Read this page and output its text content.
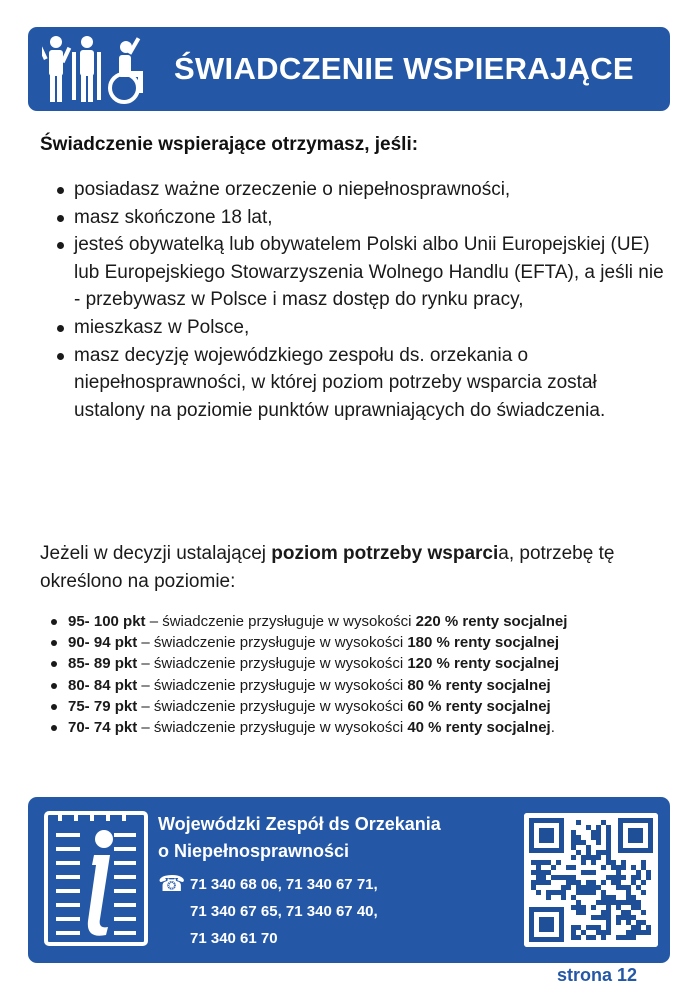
ŚWIADCZENIE WSPIERAJĄCE
Świadczenie wspierające otrzymasz, jeśli:
posiadasz ważne orzeczenie o niepełnosprawności,
masz skończone 18 lat,
jesteś obywatelką lub obywatelem Polski albo Unii Europejskiej (UE) lub Europejskiego Stowarzyszenia Wolnego Handlu (EFTA), a jeśli nie - przebywasz w Polsce i masz dostęp do rynku pracy,
mieszkasz w Polsce,
masz decyzję wojewódzkiego zespołu ds. orzekania o niepełnosprawności, w której poziom potrzeby wsparcia został ustalony na poziomie punktów uprawniających do świadczenia.
Jeżeli w decyzji ustalającej poziom potrzeby wsparcia, potrzebę tę określono na poziomie:
95- 100 pkt – świadczenie przysługuje w wysokości 220 % renty socjalnej
90- 94 pkt – świadczenie przysługuje w wysokości 180 % renty socjalnej
85- 89 pkt – świadczenie przysługuje w wysokości 120 % renty socjalnej
80- 84 pkt – świadczenie przysługuje w wysokości 80 % renty socjalnej
75- 79 pkt – świadczenie przysługuje w wysokości 60 % renty socjalnej
70- 74 pkt – świadczenie przysługuje w wysokości 40 % renty socjalnej.
Wojewódzki Zespół ds Orzekania
o Niepełnosprawności
☎ 71 340 68 06, 71 340 67 71,
71 340 67 65, 71 340 67 40,
71 340 61 70
strona 12
